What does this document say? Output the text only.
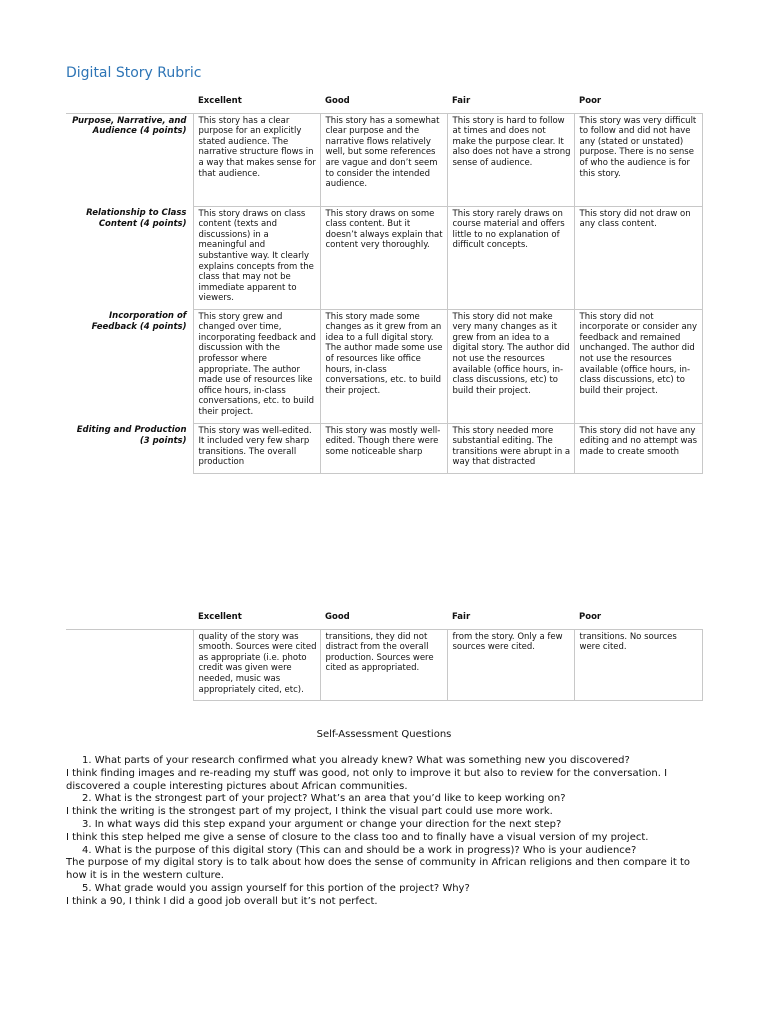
Digital Story Rubric
	Excellent	Good	Fair	Poor
Purpose, Narrative, and Audience (4 points)	This story has a clear purpose for an explicitly stated audience. The narrative structure flows in a way that makes sense for that audience.	This story has a somewhat clear purpose and the narrative flows relatively well, but some references are vague and don’t seem to consider the intended audience.	This story is hard to follow at times and does not make the purpose clear. It also does not have a strong sense of audience.	This story was very difficult to follow and did not have any (stated or unstated) purpose. There is no sense of who the audience is for this story.
Relationship to Class Content (4 points)	This story draws on class content (texts and discussions) in a meaningful and substantive way. It clearly explains concepts from the class that may not be immediate apparent to viewers.	This story draws on some class content. But it doesn’t always explain that content very thoroughly.	This story rarely draws on course material and offers little to no explanation of difficult concepts.	This story did not draw on any class content.
Incorporation of Feedback (4 points)	This story grew and changed over time, incorporating feedback and discussion with the professor where appropriate. The author made use of resources like office hours, in-class conversations, etc. to build their project.	This story made some changes as it grew from an idea to a full digital story. The author made some use of resources like office hours, in-class conversations, etc. to build their project.	This story did not make very many changes as it grew from an idea to a digital story. The author did not use the resources available (office hours, in-class discussions, etc) to build their project.	This story did not incorporate or consider any feedback and remained unchanged. The author did not use the resources available (office hours, in-class discussions, etc) to build their project.
Editing and Production (3 points)	This story was well-edited. It included very few sharp transitions. The overall production	This story was mostly well-edited. Though there were some noticeable sharp	This story needed more substantial editing. The transitions were abrupt in a way that distracted	This story did not have any editing and no attempt was made to create smooth
	Excellent	Good	Fair	Poor
	quality of the story was smooth. Sources were cited as appropriate (i.e. photo credit was given were needed, music was appropriately cited, etc).	transitions, they did not distract from the overall production. Sources were cited as appropriated.	from the story. Only a few sources were cited.	transitions. No sources were cited.
Self-Assessment Questions
1. What parts of your research confirmed what you already knew? What was something new you discovered?
I think finding images and re-reading my stuff was good, not only to improve it but also to review for the conversation. I discovered a couple interesting pictures about African communities.
2. What is the strongest part of your project? What’s an area that you’d like to keep working on?
I think the writing is the strongest part of my project, I think the visual part could use more work.
3. In what ways did this step expand your argument or change your direction for the next step?
I think this step helped me give a sense of closure to the class too and to finally have a visual version of my project.
4. What is the purpose of this digital story (This can and should be a work in progress)? Who is your audience?
The purpose of my digital story is to talk about how does the sense of community in African religions and then compare it to how it is in the western culture.
5. What grade would you assign yourself for this portion of the project? Why?
I think a 90, I think I did a good job overall but it’s not perfect.
